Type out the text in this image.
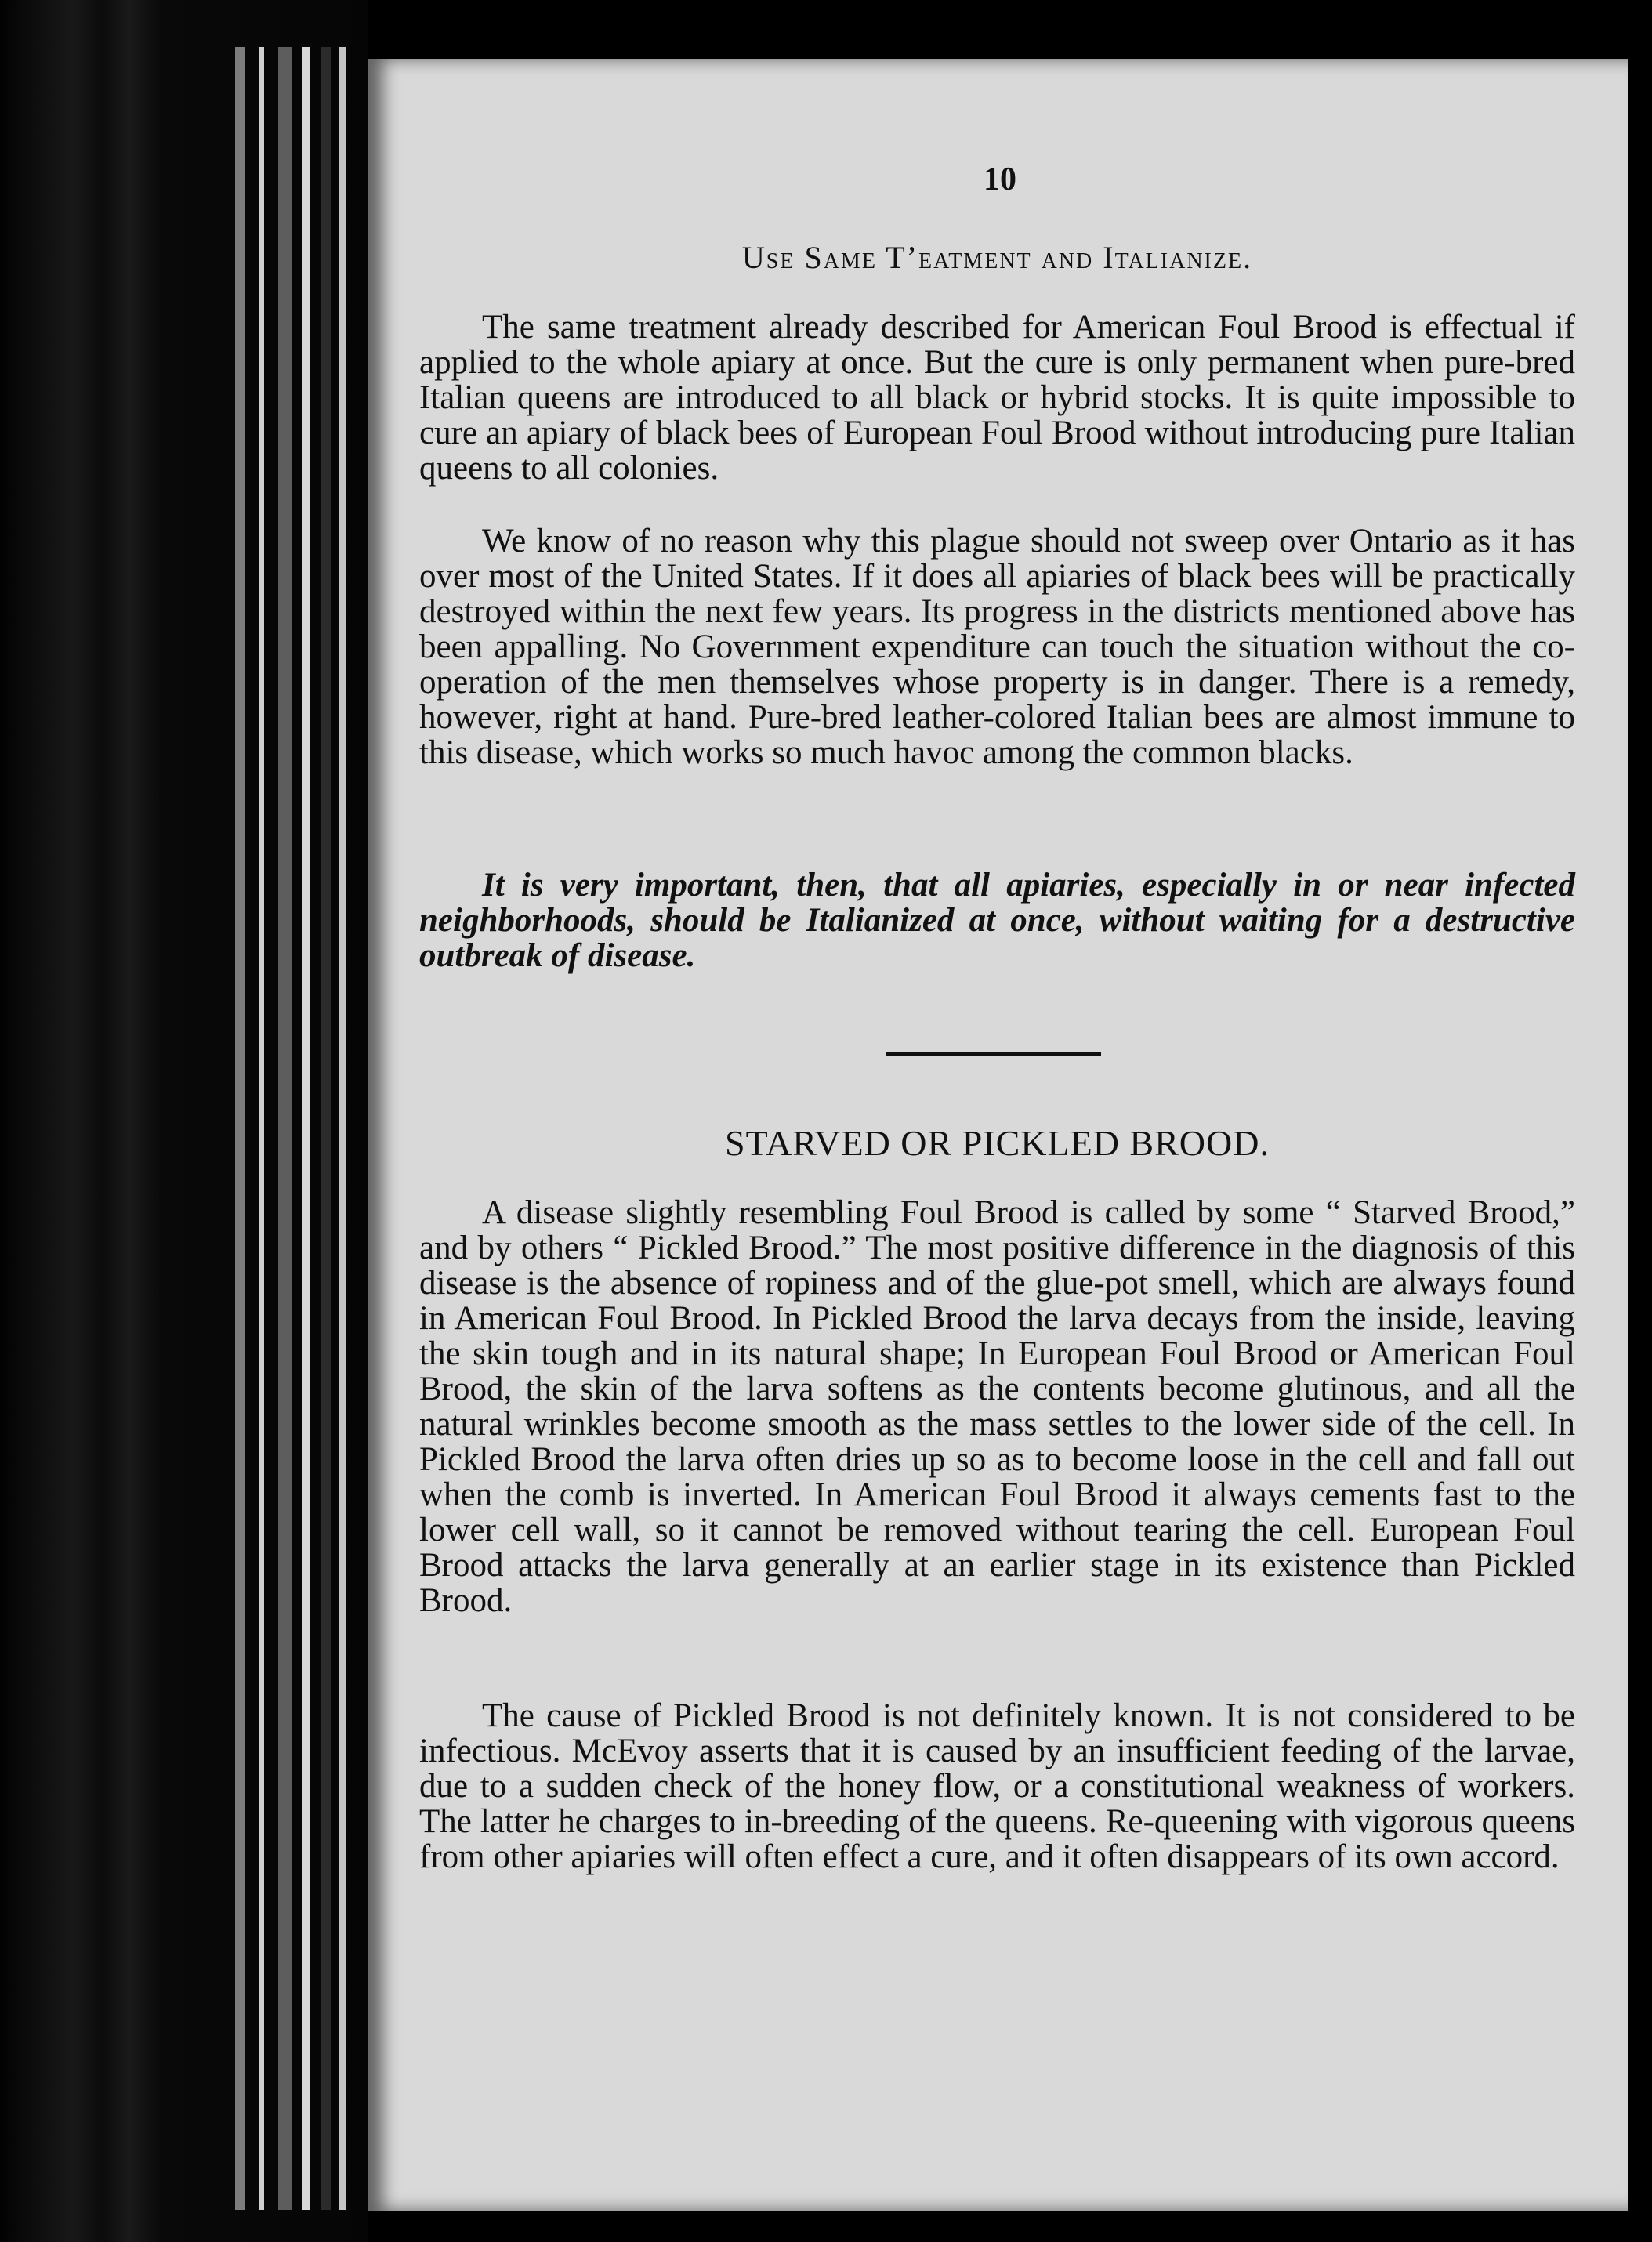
10
Use Same Tʼeatment and Italianize.

The same treatment already described for American Foul Brood is effectual if applied to the whole apiary at once. But the cure is only permanent when pure-bred Italian queens are introduced to all black or hybrid stocks. It is quite impossible to cure an apiary of black bees of European Foul Brood without introducing pure Italian queens to all colonies.

We know of no reason why this plague should not sweep over Ontario as it has over most of the United States. If it does all apiaries of black bees will be practically destroyed within the next few years. Its progress in the districts mentioned above has been appalling. No Government expenditure can touch the situation without the co-operation of the men themselves whose property is in danger. There is a remedy, however, right at hand. Pure-bred leather-colored Italian bees are almost immune to this disease, which works so much havoc among the common blacks.

It is very important, then, that all apiaries, especially in or near infected neighborhoods, should be Italianized at once, without waiting for a destructive outbreak of disease.

STARVED OR PICKLED BROOD.

A disease slightly resembling Foul Brood is called by some “ Starved Brood,” and by others “ Pickled Brood.” The most positive difference in the diagnosis of this disease is the absence of ropiness and of the glue-pot smell, which are always found in American Foul Brood. In Pickled Brood the larva decays from the inside, leaving the skin tough and in its natural shape; In European Foul Brood or American Foul Brood, the skin of the larva softens as the contents become glutinous, and all the natural wrinkles become smooth as the mass settles to the lower side of the cell. In Pickled Brood the larva often dries up so as to become loose in the cell and fall out when the comb is inverted. In American Foul Brood it always cements fast to the lower cell wall, so it cannot be removed without tearing the cell. European Foul Brood attacks the larva generally at an earlier stage in its existence than Pickled Brood.

The cause of Pickled Brood is not definitely known. It is not considered to be infectious. McEvoy asserts that it is caused by an insufficient feeding of the larvae, due to a sudden check of the honey flow, or a constitutional weakness of workers. The latter he charges to in-breeding of the queens. Re-queening with vigorous queens from other apiaries will often effect a cure, and it often disappears of its own accord.
